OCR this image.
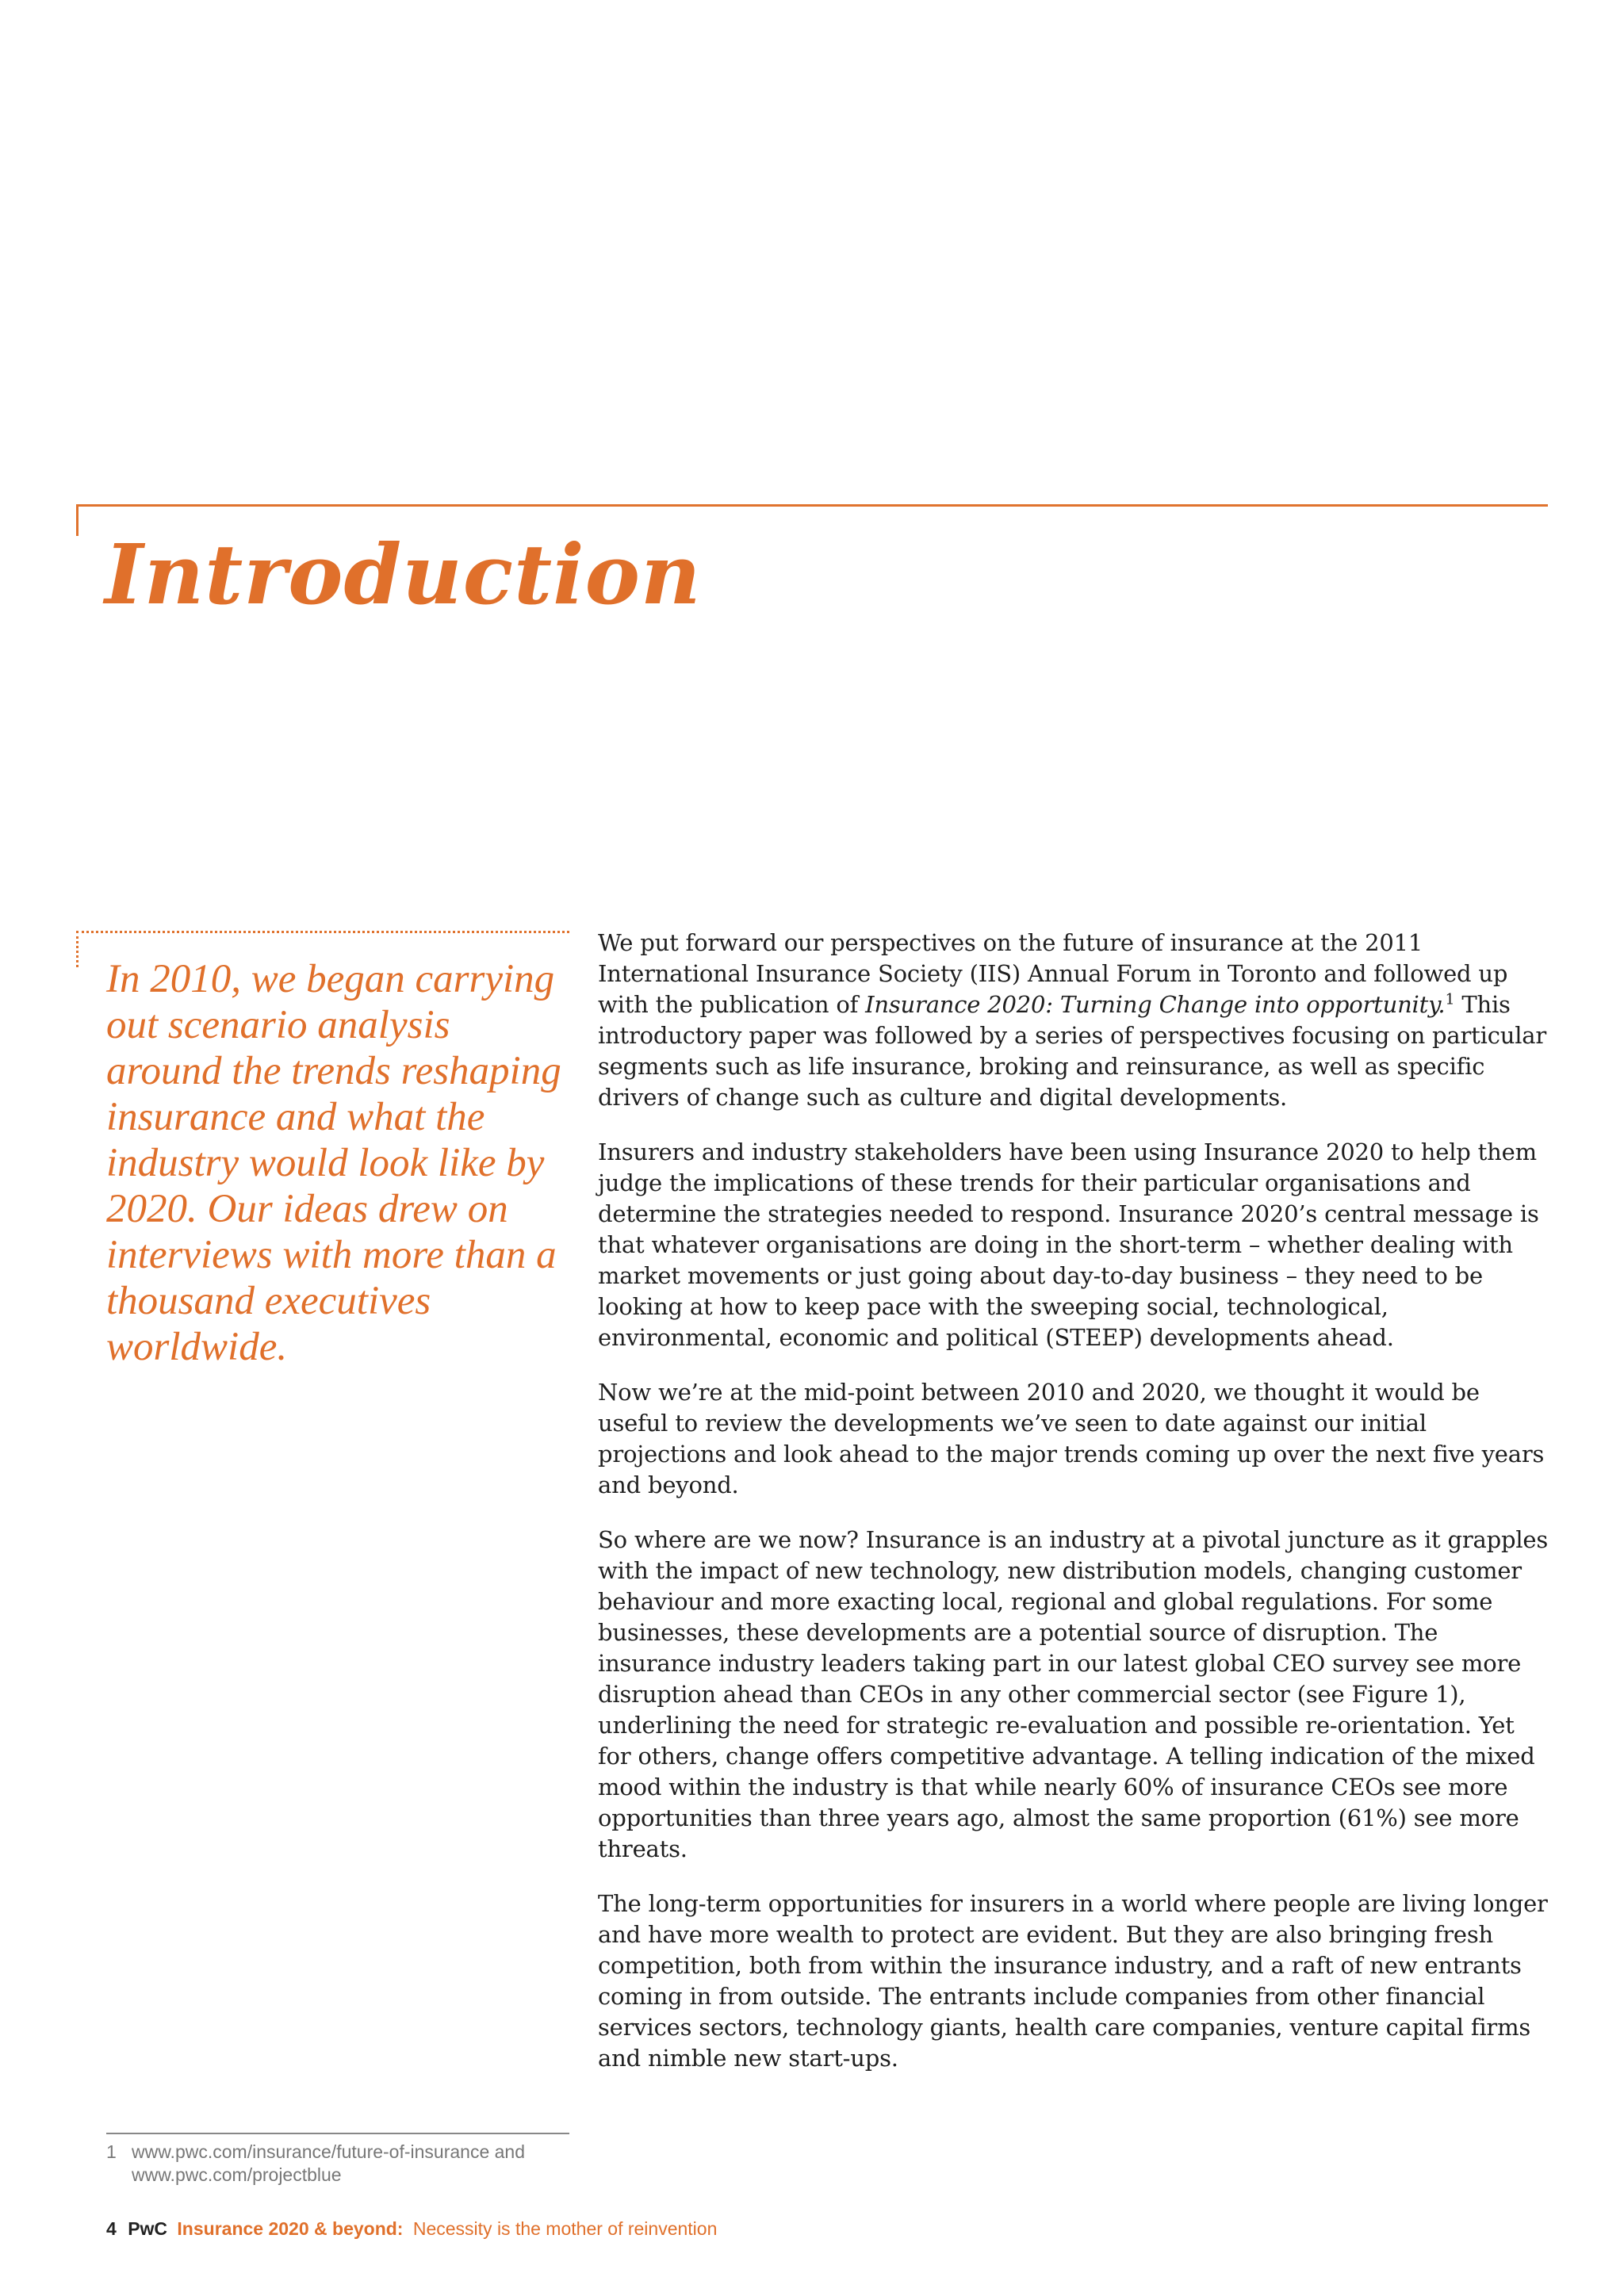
Introduction

In 2010, we began carrying out scenario analysis around the trends reshaping insurance and what the industry would look like by 2020. Our ideas drew on interviews with more than a thousand executives worldwide.

We put forward our perspectives on the future of insurance at the 2011 International Insurance Society (IIS) Annual Forum in Toronto and followed up with the publication of Insurance 2020: Turning Change into opportunity.$^1$ This introductory paper was followed by a series of perspectives focusing on particular segments such as life insurance, broking and reinsurance, as well as specific drivers of change such as culture and digital developments.

Insurers and industry stakeholders have been using Insurance 2020 to help them judge the implications of these trends for their particular organisations and determine the strategies needed to respond. Insurance 2020’s central message is that whatever organisations are doing in the short-term – whether dealing with market movements or just going about day-to-day business – they need to be looking at how to keep pace with the sweeping social, technological, environmental, economic and political (STEEP) developments ahead.

Now we’re at the mid-point between 2010 and 2020, we thought it would be useful to review the developments we’ve seen to date against our initial projections and look ahead to the major trends coming up over the next five years and beyond.

So where are we now? Insurance is an industry at a pivotal juncture as it grapples with the impact of new technology, new distribution models, changing customer behaviour and more exacting local, regional and global regulations. For some businesses, these developments are a potential source of disruption. The insurance industry leaders taking part in our latest global CEO survey see more disruption ahead than CEOs in any other commercial sector (see Figure 1), underlining the need for strategic re-evaluation and possible re-orientation. Yet for others, change offers competitive advantage. A telling indication of the mixed mood within the industry is that while nearly 60% of insurance CEOs see more opportunities than three years ago, almost the same proportion (61%) see more threats.

The long-term opportunities for insurers in a world where people are living longer and have more wealth to protect are evident. But they are also bringing fresh competition, both from within the insurance industry, and a raft of new entrants coming in from outside. The entrants include companies from other financial services sectors, technology giants, health care companies, venture capital firms and nimble new start-ups.

1 www.pwc.com/insurance/future-of-insurance and www.pwc.com/projectblue
4 PwC Insurance 2020 & beyond: Necessity is the mother of reinvention
